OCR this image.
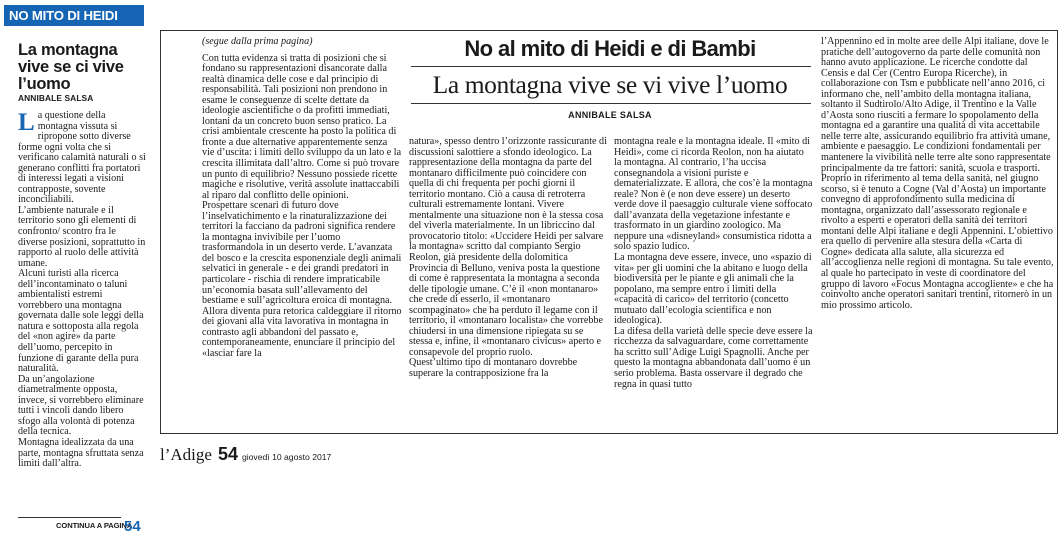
NO MITO DI HEIDI
La montagna vive se ci vive l’uomo
ANNIBALE SALSA

La questione della montagna vissuta si ripropone sotto diverse forme ogni volta che si verificano calamità naturali o si generano conflitti fra portatori di interessi legati a visioni contrapposte, sovente inconciliabili.

L’ambiente naturale e il territorio sono gli elementi di confronto/ scontro fra le diverse posizioni, soprattutto in rapporto al ruolo delle attività umane.

Alcuni turisti alla ricerca dell’incontaminato o taluni ambientalisti estremi vorrebbero una montagna governata dalle sole leggi della natura e sottoposta alla regola del «non agire» da parte dell’uomo, percepito in funzione di garante della pura naturalità.

Da un’angolazione diametralmente opposta, invece, si vorrebbero eliminare tutti i vincoli dando libero sfogo alla volontà di potenza della tecnica.

Montagna idealizzata da una parte, montagna sfruttata senza limiti dall’altra.

CONTINUA A PAGINA
54
No al mito di Heidi e di Bambi
La montagna vive se vi vive l’uomo
ANNIBALE SALSA
(segue dalla prima pagina)

Con tutta evidenza si tratta di posizioni che si fondano su rappresentazioni disancorate dalla realtà dinamica delle cose e dal principio di responsabilità. Tali posizioni non prendono in esame le conseguenze di scelte dettate da ideologie ascientifiche o da profitti immediati, lontani da un concreto buon senso pratico. La crisi ambientale crescente ha posto la politica di fronte a due alternative apparentemente senza vie d’uscita: i limiti dello sviluppo da un lato e la crescita illimitata dall’altro. Come si può trovare un punto di equilibrio? Nessuno possiede ricette magiche e risolutive, verità assolute inattaccabili al riparo dal conflitto delle opinioni.

Prospettare scenari di futuro dove l’inselvatichimento e la rinaturalizzazione dei territori la facciano da padroni significa rendere la montagna invivibile per l’uomo trasformandola in un deserto verde. L’avanzata del bosco e la crescita esponenziale degli animali selvatici in generale - e dei grandi predatori in particolare - rischia di rendere impraticabile un’economia basata sull’allevamento del bestiame e sull’agricoltura eroica di montagna.

Allora diventa pura retorica caldeggiare il ritorno dei giovani alla vita lavorativa in montagna in contrasto agli abbandoni del passato e, contemporaneamente, enunciare il principio del «lasciar fare la

natura», spesso dentro l’orizzonte rassicurante di discussioni salottiere a sfondo ideologico. La rappresentazione della montagna da parte del montanaro difficilmente può coincidere con quella di chi frequenta per pochi giorni il territorio montano. Ciò a causa di retroterra culturali estremamente lontani. Vivere mentalmente una situazione non è la stessa cosa del viverla materialmente. In un libriccino dal provocatorio titolo: «Uccidere Heidi per salvare la montagna» scritto dal compianto Sergio Reolon, già presidente della dolomitica Provincia di Belluno, veniva posta la questione di come è rappresentata la montagna a seconda delle tipologie umane. C’è il «non montanaro» che crede di esserlo, il «montanaro scompaginato» che ha perduto il legame con il territorio, il «montanaro localista» che vorrebbe chiudersi in una dimensione ripiegata su se stessa e, infine, il «montanaro civicus» aperto e consapevole del proprio ruolo.

Quest’ultimo tipo di montanaro dovrebbe superare la contrapposizione fra la

montagna reale e la montagna ideale. Il «mito di Heidi», come ci ricorda Reolon, non ha aiutato la montagna. Al contrario, l’ha uccisa consegnandola a visioni puriste e dematerializzate. E allora, che cos’è la montagna reale? Non è (e non deve essere) un deserto verde dove il paesaggio culturale viene soffocato dall’avanzata della vegetazione infestante e trasformato in un giardino zoologico. Ma neppure una «disneyland» consumistica ridotta a solo spazio ludico.

La montagna deve essere, invece, uno «spazio di vita» per gli uomini che la abitano e luogo della biodiversità per le piante e gli animali che la popolano, ma sempre entro i limiti della «capacità di carico» del territorio (concetto mutuato dall’ecologia scientifica e non ideologica).

La difesa della varietà delle specie deve essere la ricchezza da salvaguardare, come correttamente ha scritto sull’Adige Luigi Spagnolli. Anche per questo la montagna abbandonata dall’uomo è un serio problema. Basta osservare il degrado che regna in quasi tutto

l’Appennino ed in molte aree delle Alpi italiane, dove le pratiche dell’autogoverno da parte delle comunità non hanno avuto applicazione. Le ricerche condotte dal Censis e dal Cer (Centro Europa Ricerche), in collaborazione con Tsm e pubblicate nell’anno 2016, ci informano che, nell’ambito della montagna italiana, soltanto il Sudtirolo/Alto Adige, il Trentino e la Valle d’Aosta sono riusciti a fermare lo spopolamento della montagna ed a garantire una qualità di vita accettabile nelle terre alte, assicurando equilibrio fra attività umane, ambiente e paesaggio. Le condizioni fondamentali per mantenere la vivibilità nelle terre alte sono rappresentate principalmente da tre fattori: sanità, scuola e trasporti. Proprio in riferimento al tema della sanità, nel giugno scorso, si è tenuto a Cogne (Val d’Aosta) un importante convegno di approfondimento sulla medicina di montagna, organizzato dall’assessorato regionale e rivolto a esperti e operatori della sanità dei territori montani delle Alpi italiane e degli Appennini. L’obiettivo era quello di pervenire alla stesura della «Carta di Cogne» dedicata alla salute, alla sicurezza ed all’accoglienza nelle regioni di montagna. Su tale evento, al quale ho partecipato in veste di coordinatore del gruppo di lavoro «Focus Montagna accogliente» e che ha coinvolto anche operatori sanitari trentini, ritornerò in un mio prossimo articolo.

l’Adige 54 giovedì 10 agosto 2017
